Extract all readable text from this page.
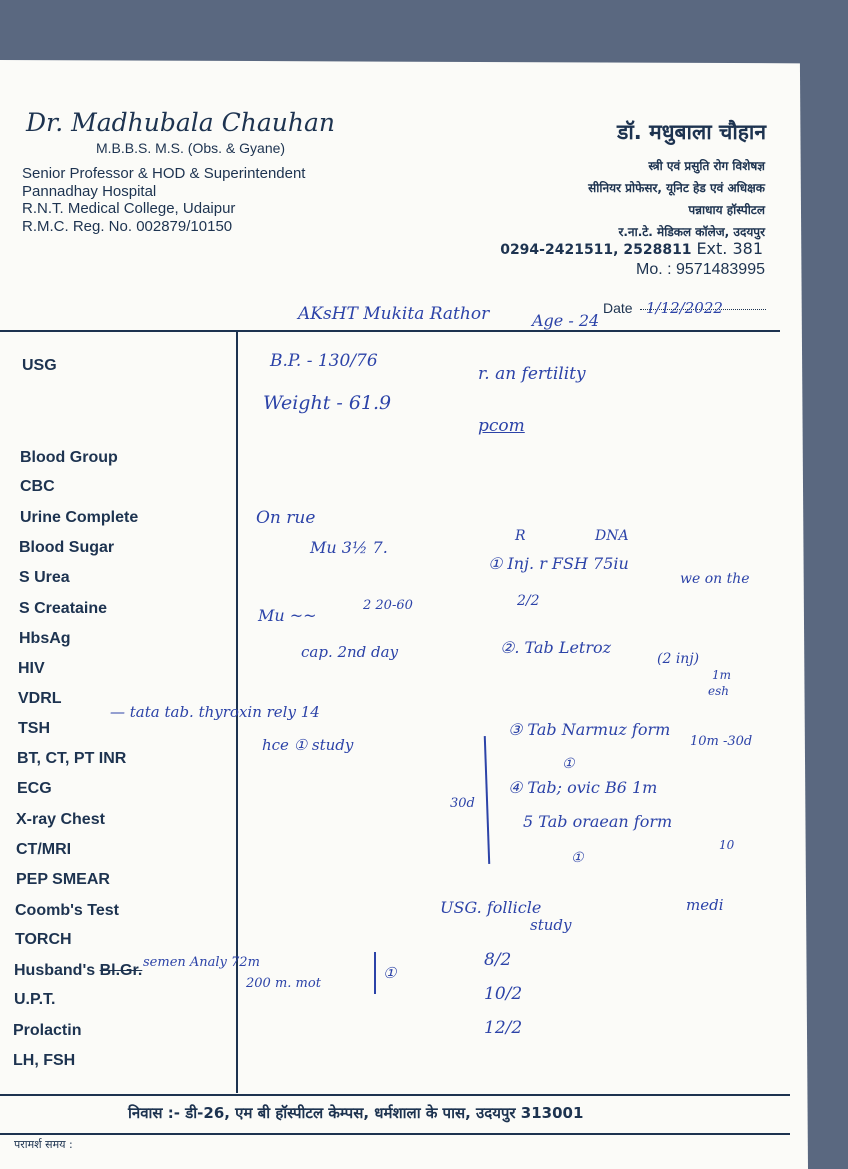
Dr. Madhubala Chauhan
M.B.B.S. M.S. (Obs. & Gyane)
Senior Professor & HOD & Superintendent
Pannadhay Hospital
R.N.T. Medical College, Udaipur
R.M.C. Reg. No. 002879/10150
डॉ. मधुबाला चौहान
स्त्री एवं प्रसुति रोग विशेषज्ञ
सीनियर प्रोफेसर, यूनिट हेड एवं अधिक्षक
पन्नाधाय हॉस्पीटल
र.ना.टे. मेडिकल कॉलेज, उदयपुर
0294-2421511, 2528811 Ext. 381
Mo. : 9571483995
Date
USG
Blood Group
CBC
Urine Complete
Blood Sugar
S Urea
S Creataine
HbsAg
HIV
VDRL
TSH
BT, CT, PT INR
ECG
X-ray Chest
CT/MRI
PEP SMEAR
Coomb's Test
TORCH
Husband's Bl.Gr.
U.P.T.
Prolactin
LH, FSH
AKsHT Mukita Rathor	Age - 24
1/12/2022
B.P. - 130/76
Weight - 61.9
r. an fertility
pcom
On rue
Mu 3½ 7.
R	DNA
① Inj. r FSH 75iu
we on the
2/2
Mu ~~
2 20-60
cap. 2nd day	②. Tab Letroz
(2 inj)
1m
esh
— tata tab. thyroxin rely 14
hce ① study
③ Tab Narmuz form
①
10m -30d
④ Tab; ovic B6 1m
5 Tab oraean form
①
10
30d
USG. follicle
study
medi
semen Analy 72m
200 m. mot
①
8/2
10/2
12/2
निवास :- डी-26, एम बी हॉस्पीटल केम्पस, धर्मशाला के पास, उदयपुर 313001
परामर्श समय :
